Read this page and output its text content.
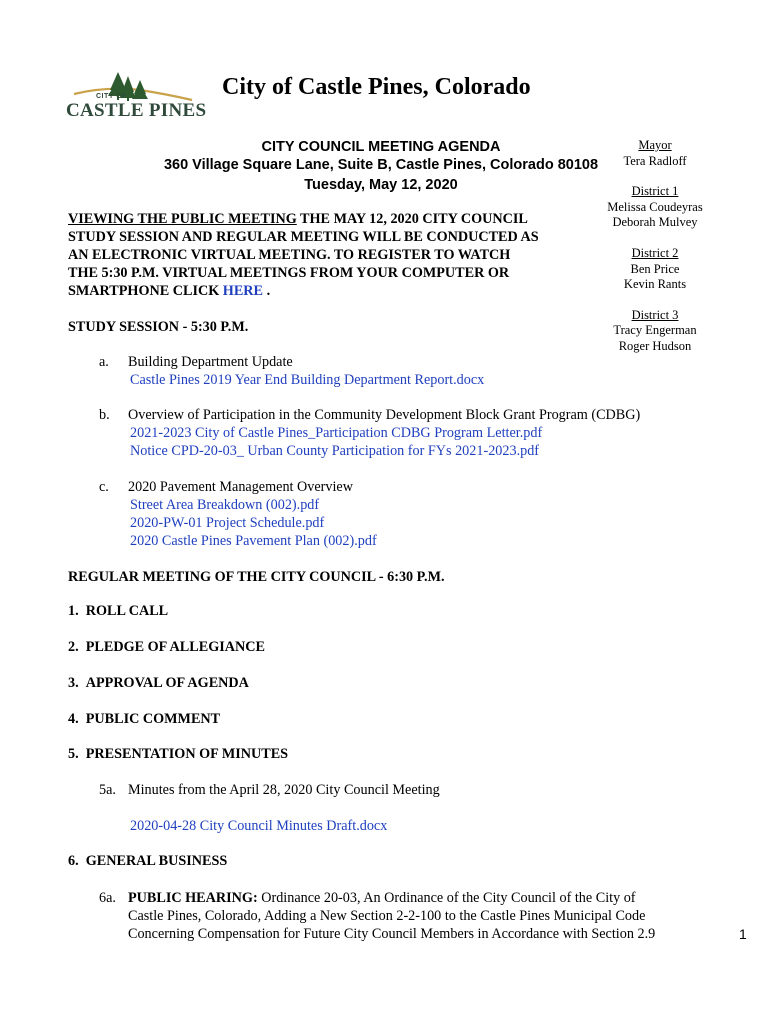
CITY OF
CASTLE PINES
City of Castle Pines, Colorado
CITY COUNCIL MEETING AGENDA
360 Village Square Lane, Suite B, Castle Pines, Colorado 80108
Tuesday, May 12, 2020
Mayor
Tera Radloff
District 1
Melissa Coudeyras
Deborah Mulvey
District 2
Ben Price
Kevin Rants
District 3
Tracy Engerman
Roger Hudson
VIEWING THE PUBLIC MEETING THE MAY 12, 2020 CITY COUNCIL
STUDY SESSION AND REGULAR MEETING WILL BE CONDUCTED AS
AN ELECTRONIC VIRTUAL MEETING. TO REGISTER TO WATCH
THE 5:30 P.M. VIRTUAL MEETINGS FROM YOUR COMPUTER OR
SMARTPHONE CLICK HERE .
STUDY SESSION - 5:30 P.M.
a. Building Department Update
Castle Pines 2019 Year End Building Department Report.docx
b. Overview of Participation in the Community Development Block Grant Program (CDBG)
2021-2023 City of Castle Pines_Participation CDBG Program Letter.pdf
Notice CPD-20-03_ Urban County Participation for FYs 2021-2023.pdf
c. 2020 Pavement Management Overview
Street Area Breakdown (002).pdf
2020-PW-01 Project Schedule.pdf
2020 Castle Pines Pavement Plan (002).pdf
REGULAR MEETING OF THE CITY COUNCIL - 6:30 P.M.
1. ROLL CALL
2. PLEDGE OF ALLEGIANCE
3. APPROVAL OF AGENDA
4. PUBLIC COMMENT
5. PRESENTATION OF MINUTES
5a. Minutes from the April 28, 2020 City Council Meeting
2020-04-28 City Council Minutes Draft.docx
6. GENERAL BUSINESS
6a. PUBLIC HEARING: Ordinance 20-03, An Ordinance of the City Council of the City of
Castle Pines, Colorado, Adding a New Section 2-2-100 to the Castle Pines Municipal Code
Concerning Compensation for Future City Council Members in Accordance with Section 2.9	1
